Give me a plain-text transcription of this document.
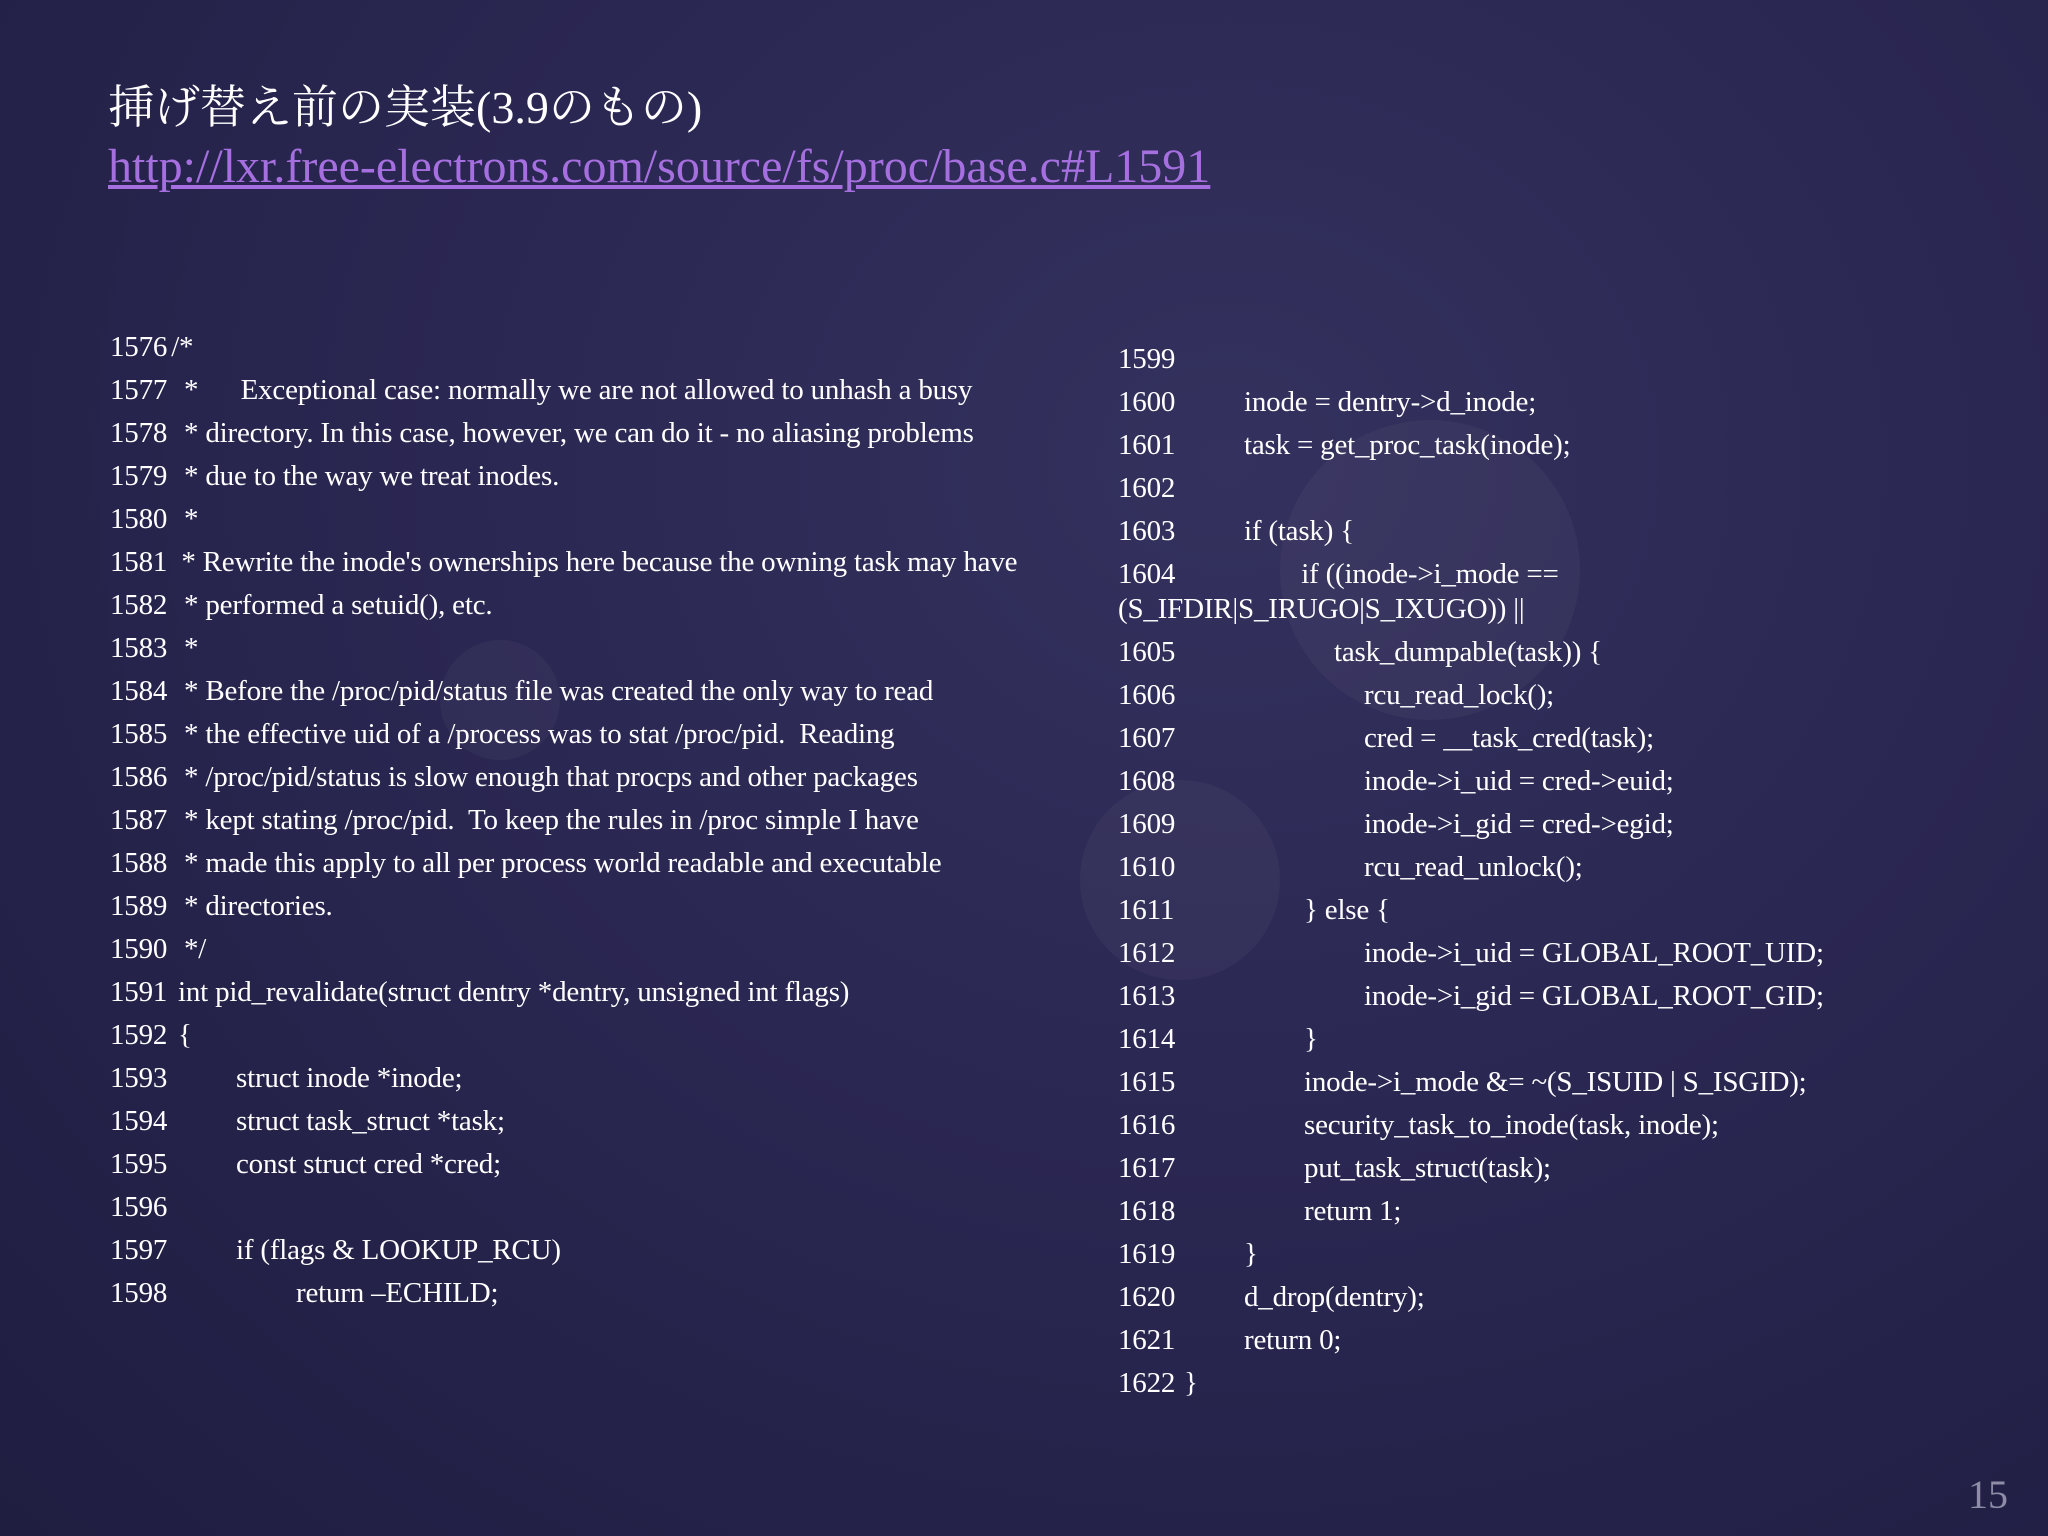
挿げ替え前の実装(3.9のもの)
http://lxr.free-electrons.com/source/fs/proc/base.c#L1591
1576 /*
1577 *      Exceptional case: normally we are not allowed to unhash a busy
1578 * directory. In this case, however, we can do it - no aliasing problems
1579 * due to the way we treat inodes.
1580 *
1581 * Rewrite the inode's ownerships here because the owning task may have
1582 * performed a setuid(), etc.
1583 *
1584 * Before the /proc/pid/status file was created the only way to read
1585 * the effective uid of a /process was to stat /proc/pid.  Reading
1586 * /proc/pid/status is slow enough that procps and other packages
1587 * kept stating /proc/pid.  To keep the rules in /proc simple I have
1588 * made this apply to all per process world readable and executable
1589 * directories.
1590 */
1591 int pid_revalidate(struct dentry *dentry, unsigned int flags)
1592 {
1593 struct inode *inode;
1594 struct task_struct *task;
1595 const struct cred *cred;
1596
1597 if (flags & LOOKUP_RCU)
1598	return –ECHILD;
1599
1600 inode = dentry->d_inode;
1601 task = get_proc_task(inode);
1602
1603 if (task) {
1604	if ((inode->i_mode == (S_IFDIR|S_IRUGO|S_IXUGO)) ||
1605	task_dumpable(task)) {
1606	rcu_read_lock();
1607	cred = __task_cred(task);
1608	inode->i_uid = cred->euid;
1609	inode->i_gid = cred->egid;
1610	rcu_read_unlock();
1611	} else {
1612	inode->i_uid = GLOBAL_ROOT_UID;
1613	inode->i_gid = GLOBAL_ROOT_GID;
1614	}
1615	inode->i_mode &= ~(S_ISUID | S_ISGID);
1616	security_task_to_inode(task, inode);
1617	put_task_struct(task);
1618	return 1;
1619 }
1620 d_drop(dentry);
1621 return 0;
1622 }
15
